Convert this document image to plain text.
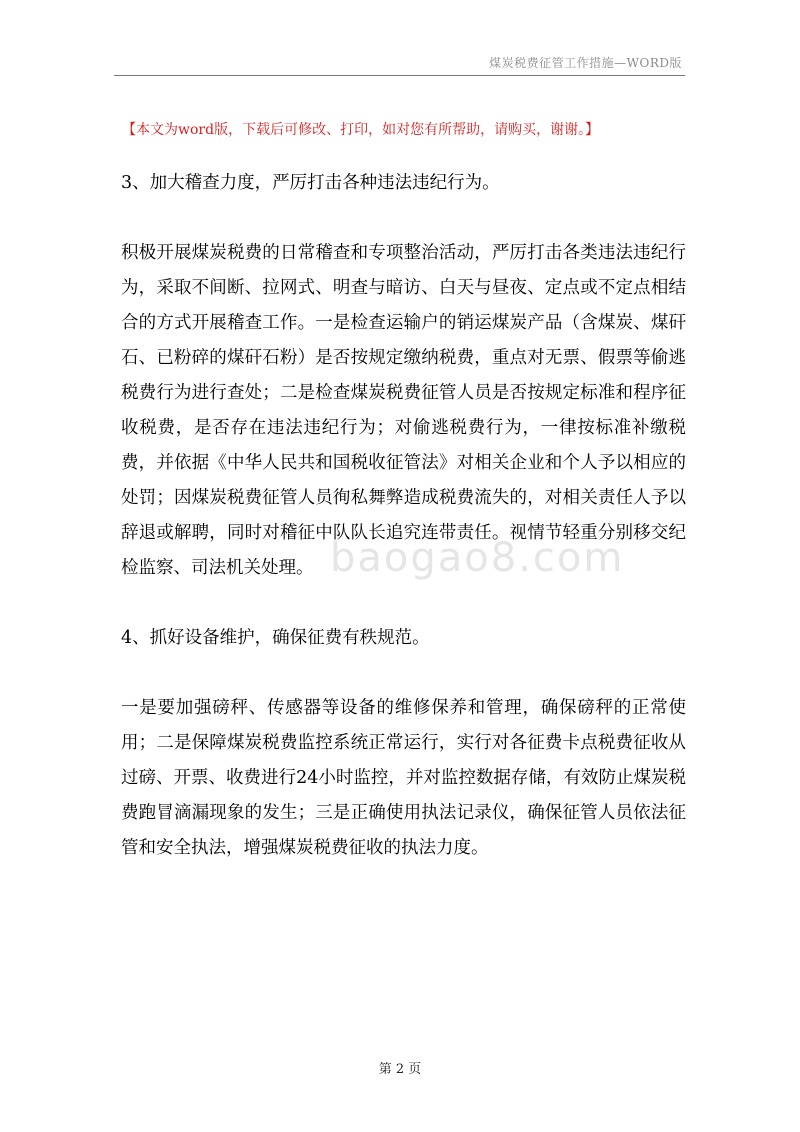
煤炭税费征管工作措施—WORD版
【本文为word版，下载后可修改、打印，如对您有所帮助，请购买，谢谢。】

3、加大稽查力度，严厉打击各种违法违纪行为。

积极开展煤炭税费的日常稽查和专项整治活动，严厉打击各类违法违纪行为，采取不间断、拉网式、明查与暗访、白天与昼夜、定点或不定点相结合的方式开展稽查工作。一是检查运输户的销运煤炭产品（含煤炭、煤矸石、已粉碎的煤矸石粉）是否按规定缴纳税费，重点对无票、假票等偷逃税费行为进行查处；二是检查煤炭税费征管人员是否按规定标准和程序征收税费，是否存在违法违纪行为；对偷逃税费行为，一律按标准补缴税费，并依据《中华人民共和国税收征管法》对相关企业和个人予以相应的处罚；因煤炭税费征管人员徇私舞弊造成税费流失的，对相关责任人予以辞退或解聘，同时对稽征中队队长追究连带责任。视情节轻重分别移交纪检监察、司法机关处理。

4、抓好设备维护，确保征费有秩规范。

一是要加强磅秤、传感器等设备的维修保养和管理，确保磅秤的正常使用；二是保障煤炭税费监控系统正常运行，实行对各征费卡点税费征收从过磅、开票、收费进行24小时监控，并对监控数据存储，有效防止煤炭税费跑冒滴漏现象的发生；三是正确使用执法记录仪，确保征管人员依法征管和安全执法，增强煤炭税费征收的执法力度。

baogao8.com
第 2 页
